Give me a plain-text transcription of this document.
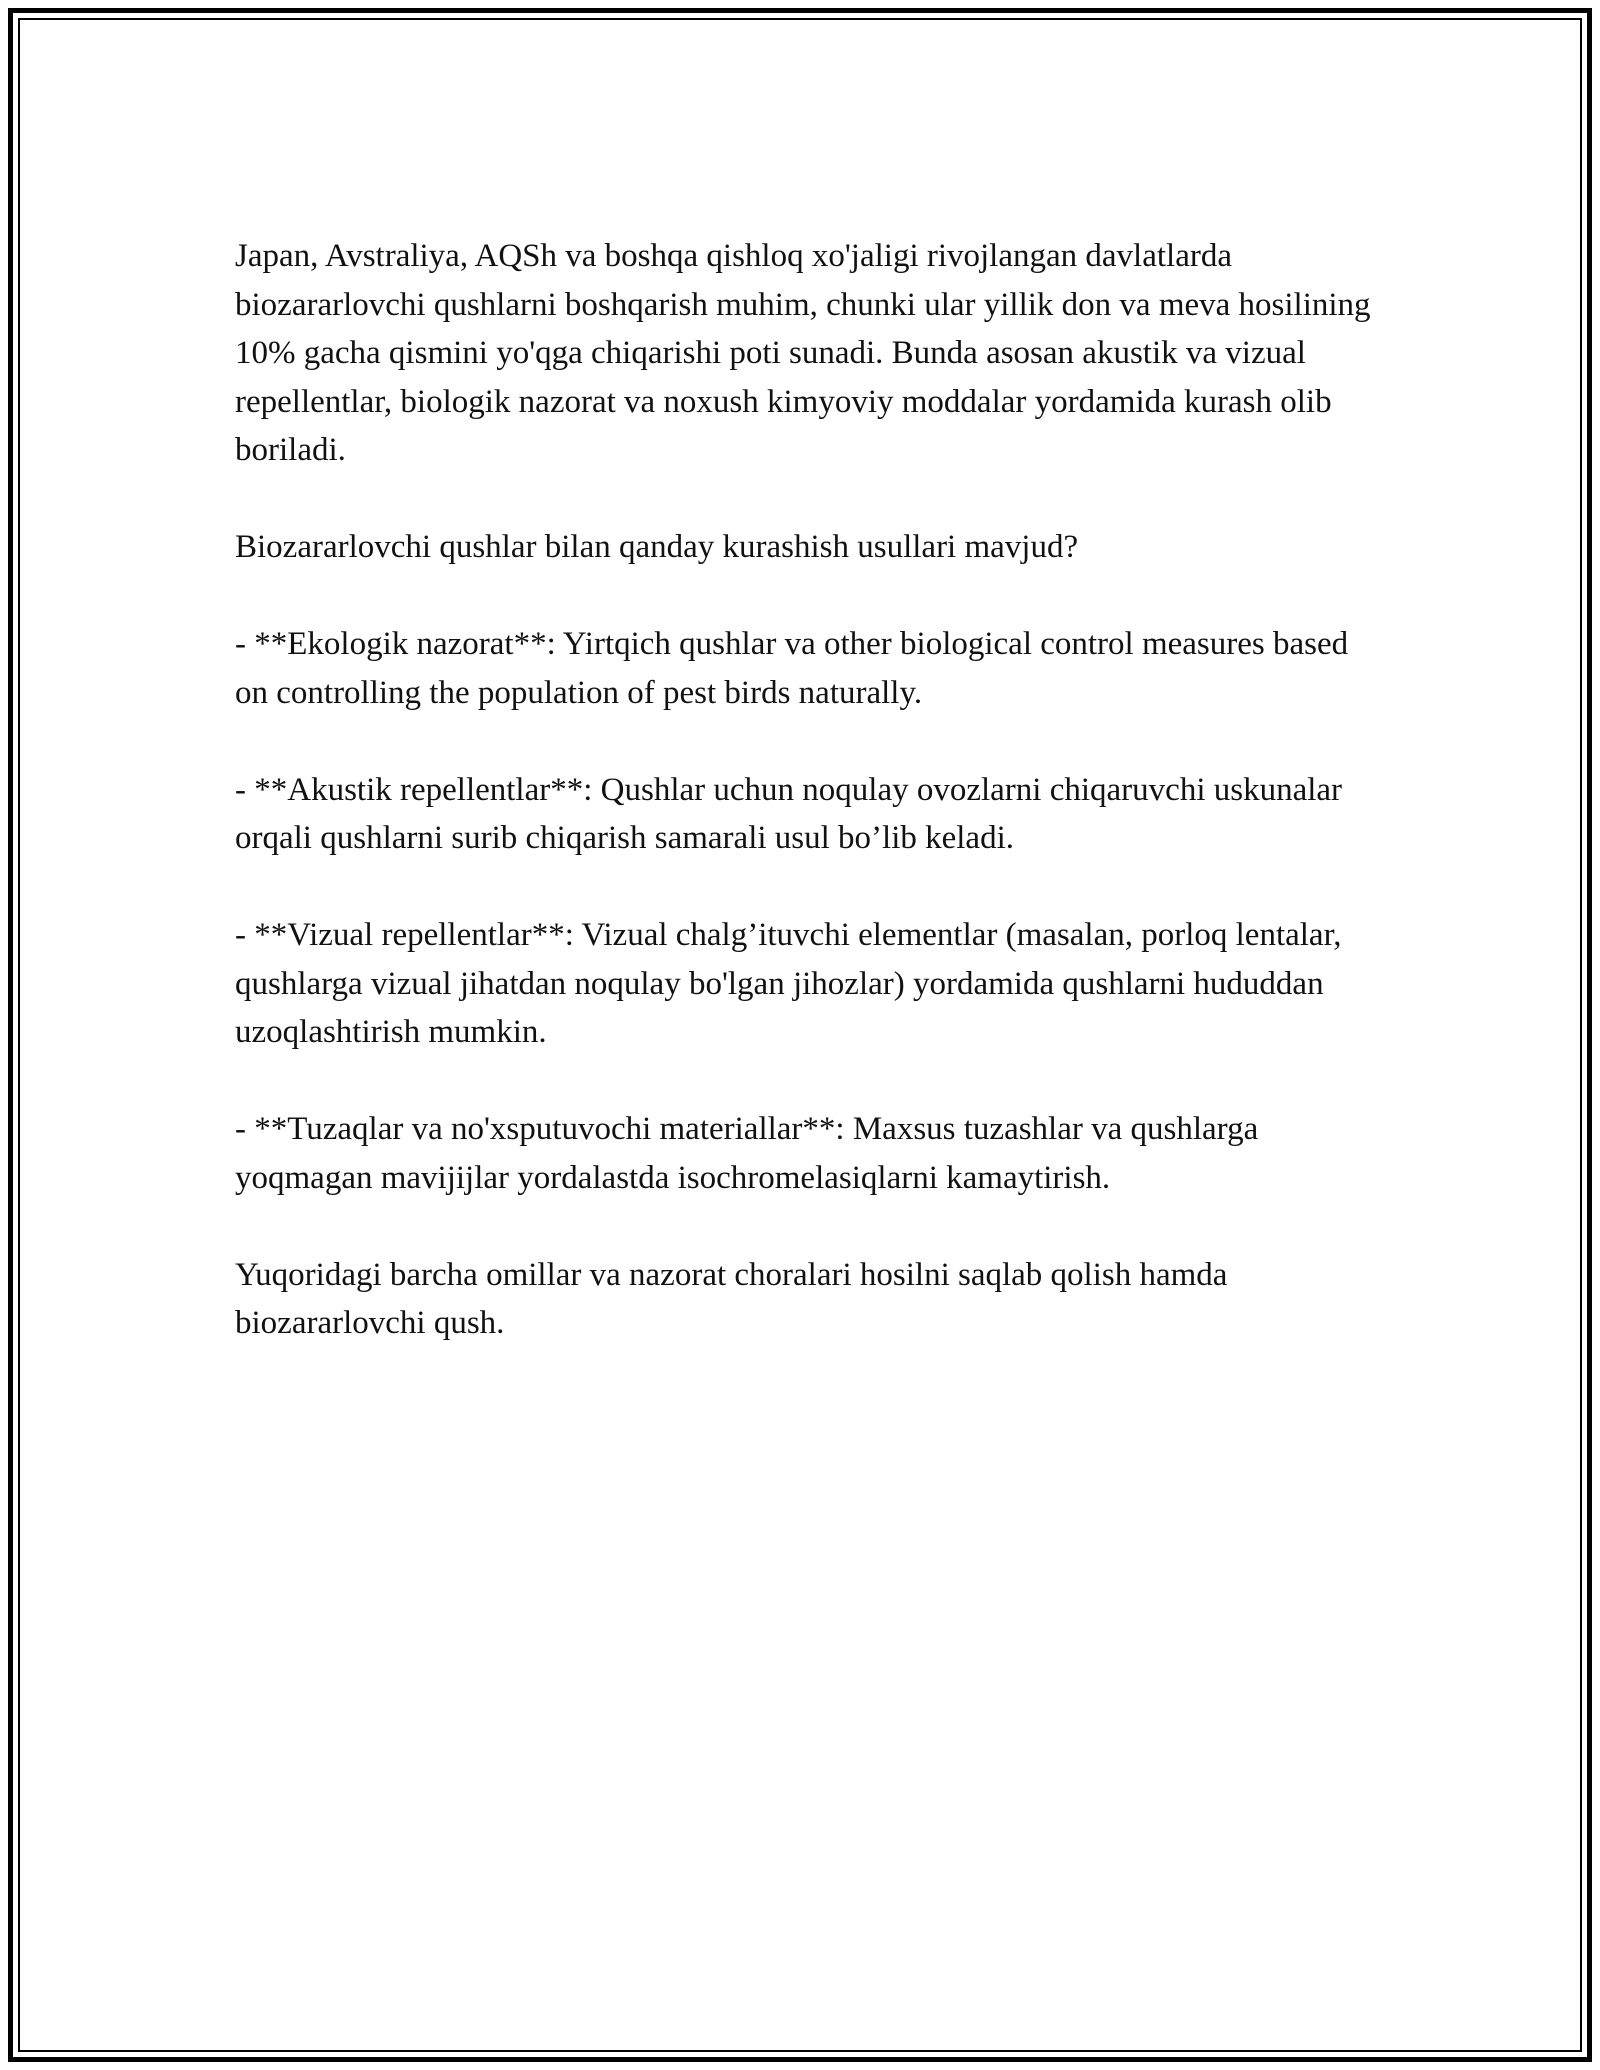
Japan, Avstraliya, AQSh va boshqa qishloq xo'jaligi rivojlangan davlatlarda biozararlovchi qushlarni boshqarish muhim, chunki ular yillik don va meva hosilining 10% gacha qismini yo'qga chiqarishi poti sunadi. Bunda asosan akustik va vizual repellentlar, biologik nazorat va noxush kimyoviy moddalar yordamida kurash olib boriladi.

Biozararlovchi qushlar bilan qanday kurashish usullari mavjud?

- **Ekologik nazorat**: Yirtqich qushlar va other biological control measures based on controlling the population of pest birds naturally.

- **Akustik repellentlar**: Qushlar uchun noqulay ovozlarni chiqaruvchi uskunalar orqali qushlarni surib chiqarish samarali usul bo’lib keladi.

- **Vizual repellentlar**: Vizual chalg’ituvchi elementlar (masalan, porloq lentalar, qushlarga vizual jihatdan noqulay bo'lgan jihozlar) yordamida qushlarni hududdan uzoqlashtirish mumkin.

- **Tuzaqlar va no'xsputuvochi materiallar**: Maxsus tuzashlar va qushlarga yoqmagan mavijijlar yordalastda isochromelasiqlarni kamaytirish.

Yuqoridagi barcha omillar va nazorat choralari hosilni saqlab qolish hamda biozararlovchi qush.
